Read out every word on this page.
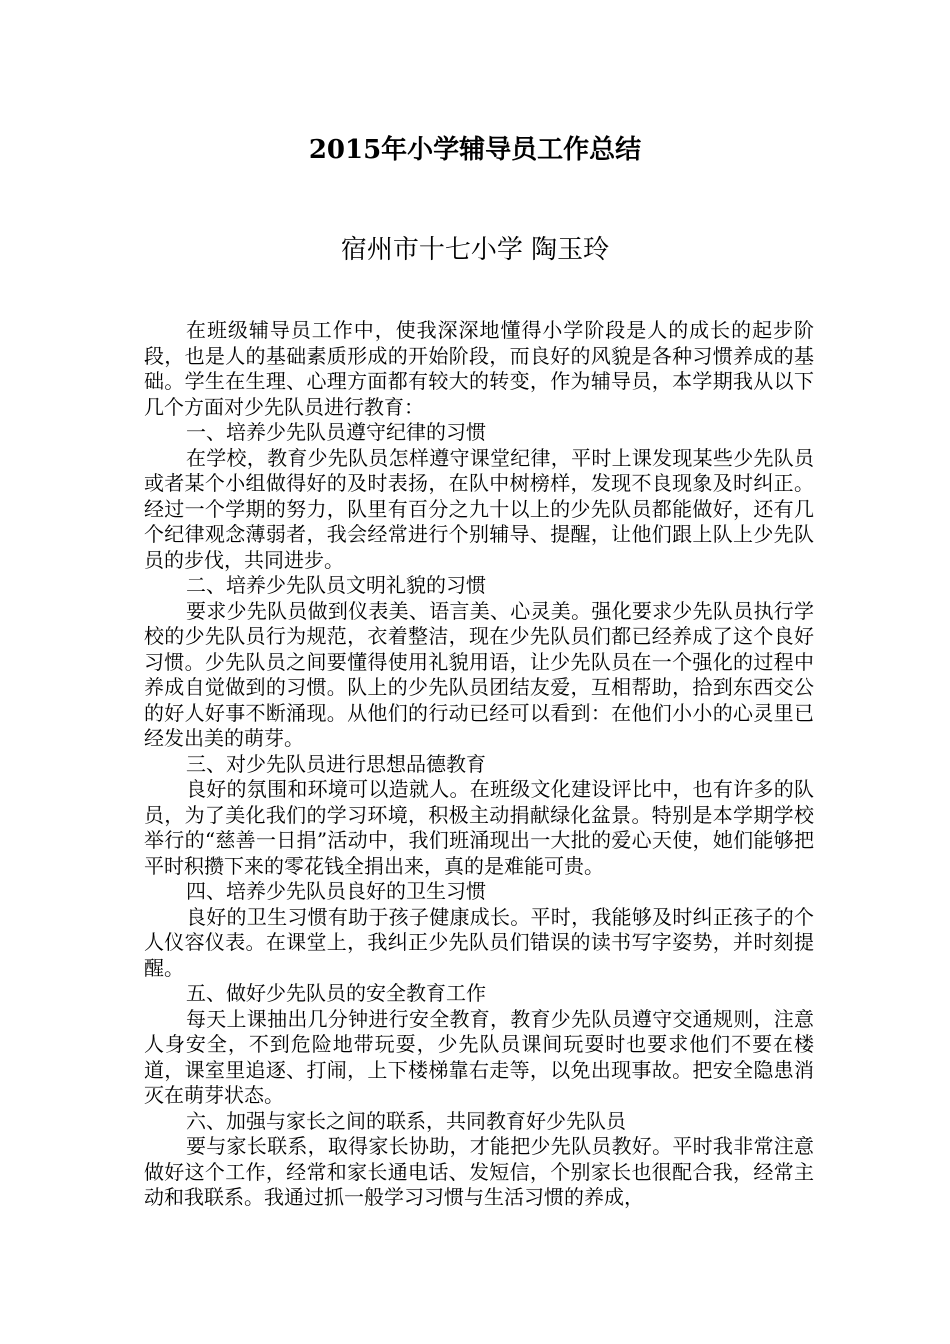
2015年小学辅导员工作总结
宿州市十七小学 陶玉玲

在班级辅导员工作中，使我深深地懂得小学阶段是人的成长的起步阶段，也是人的基础素质形成的开始阶段，而良好的风貌是各种习惯养成的基础。学生在生理、心理方面都有较大的转变，作为辅导员，本学期我从以下几个方面对少先队员进行教育：

一、培养少先队员遵守纪律的习惯

在学校，教育少先队员怎样遵守课堂纪律，平时上课发现某些少先队员或者某个小组做得好的及时表扬，在队中树榜样，发现不良现象及时纠正。经过一个学期的努力，队里有百分之九十以上的少先队员都能做好，还有几个纪律观念薄弱者，我会经常进行个别辅导、提醒，让他们跟上队上少先队员的步伐，共同进步。

二、培养少先队员文明礼貌的习惯

要求少先队员做到仪表美、语言美、心灵美。强化要求少先队员执行学校的少先队员行为规范，衣着整洁，现在少先队员们都已经养成了这个良好习惯。少先队员之间要懂得使用礼貌用语，让少先队员在一个强化的过程中养成自觉做到的习惯。队上的少先队员团结友爱，互相帮助，拾到东西交公的好人好事不断涌现。从他们的行动已经可以看到：在他们小小的心灵里已经发出美的萌芽。

三、对少先队员进行思想品德教育

良好的氛围和环境可以造就人。在班级文化建设评比中，也有许多的队员，为了美化我们的学习环境，积极主动捐献绿化盆景。特别是本学期学校举行的“慈善一日捐”活动中，我们班涌现出一大批的爱心天使，她们能够把平时积攒下来的零花钱全捐出来，真的是难能可贵。

四、培养少先队员良好的卫生习惯

良好的卫生习惯有助于孩子健康成长。平时，我能够及时纠正孩子的个人仪容仪表。在课堂上，我纠正少先队员们错误的读书写字姿势，并时刻提醒。

五、做好少先队员的安全教育工作

每天上课抽出几分钟进行安全教育，教育少先队员遵守交通规则，注意人身安全，不到危险地带玩耍，少先队员课间玩耍时也要求他们不要在楼道，课室里追逐、打闹，上下楼梯靠右走等，以免出现事故。把安全隐患消灭在萌芽状态。

六、加强与家长之间的联系，共同教育好少先队员

要与家长联系，取得家长协助，才能把少先队员教好。平时我非常注意做好这个工作，经常和家长通电话、发短信，个别家长也很配合我，经常主动和我联系。我通过抓一般学习习惯与生活习惯的养成，
